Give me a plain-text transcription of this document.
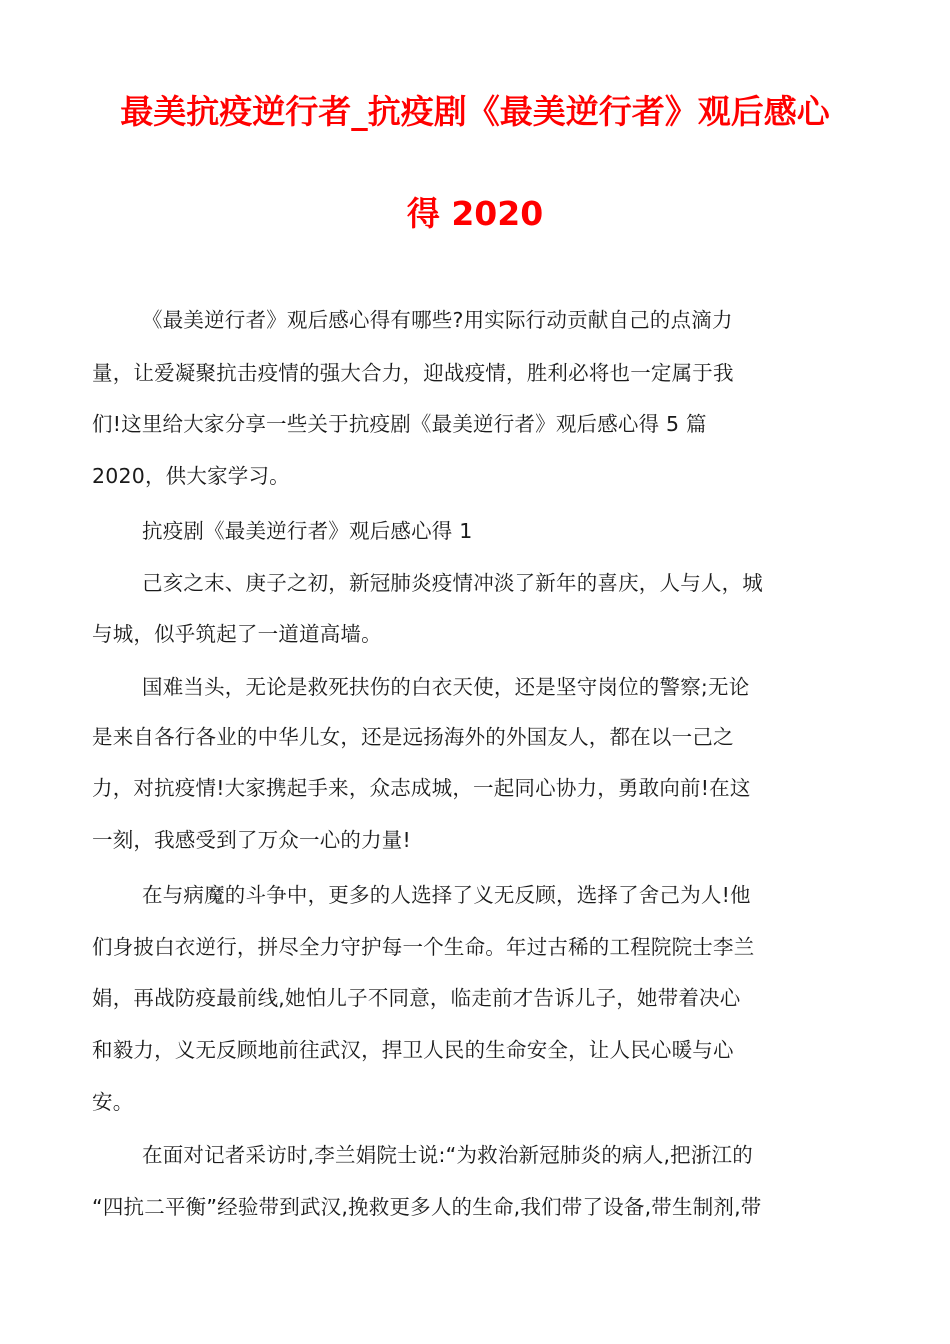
最美抗疫逆行者_抗疫剧《最美逆行者》观后感心
得 2020

《最美逆行者》观后感心得有哪些?用实际行动贡献自己的点滴力

量，让爱凝聚抗击疫情的强大合力，迎战疫情，胜利必将也一定属于我

们!这里给大家分享一些关于抗疫剧《最美逆行者》观后感心得 5 篇

2020，供大家学习。

抗疫剧《最美逆行者》观后感心得 1

己亥之末、庚子之初，新冠肺炎疫情冲淡了新年的喜庆，人与人，城

与城，似乎筑起了一道道高墙。

国难当头，无论是救死扶伤的白衣天使，还是坚守岗位的警察;无论

是来自各行各业的中华儿女，还是远扬海外的外国友人，都在以一己之

力，对抗疫情!大家携起手来，众志成城，一起同心协力，勇敢向前!在这

一刻，我感受到了万众一心的力量!

在与病魔的斗争中，更多的人选择了义无反顾，选择了舍己为人!他

们身披白衣逆行，拼尽全力守护每一个生命。年过古稀的工程院院士李兰

娟，再战防疫最前线,她怕儿子不同意，临走前才告诉儿子，她带着决心

和毅力，义无反顾地前往武汉，捍卫人民的生命安全，让人民心暖与心

安。

在面对记者采访时,李兰娟院士说:“为救治新冠肺炎的病人,把浙江的

“四抗二平衡”经验带到武汉,挽救更多人的生命,我们带了设备,带生制剂,带
